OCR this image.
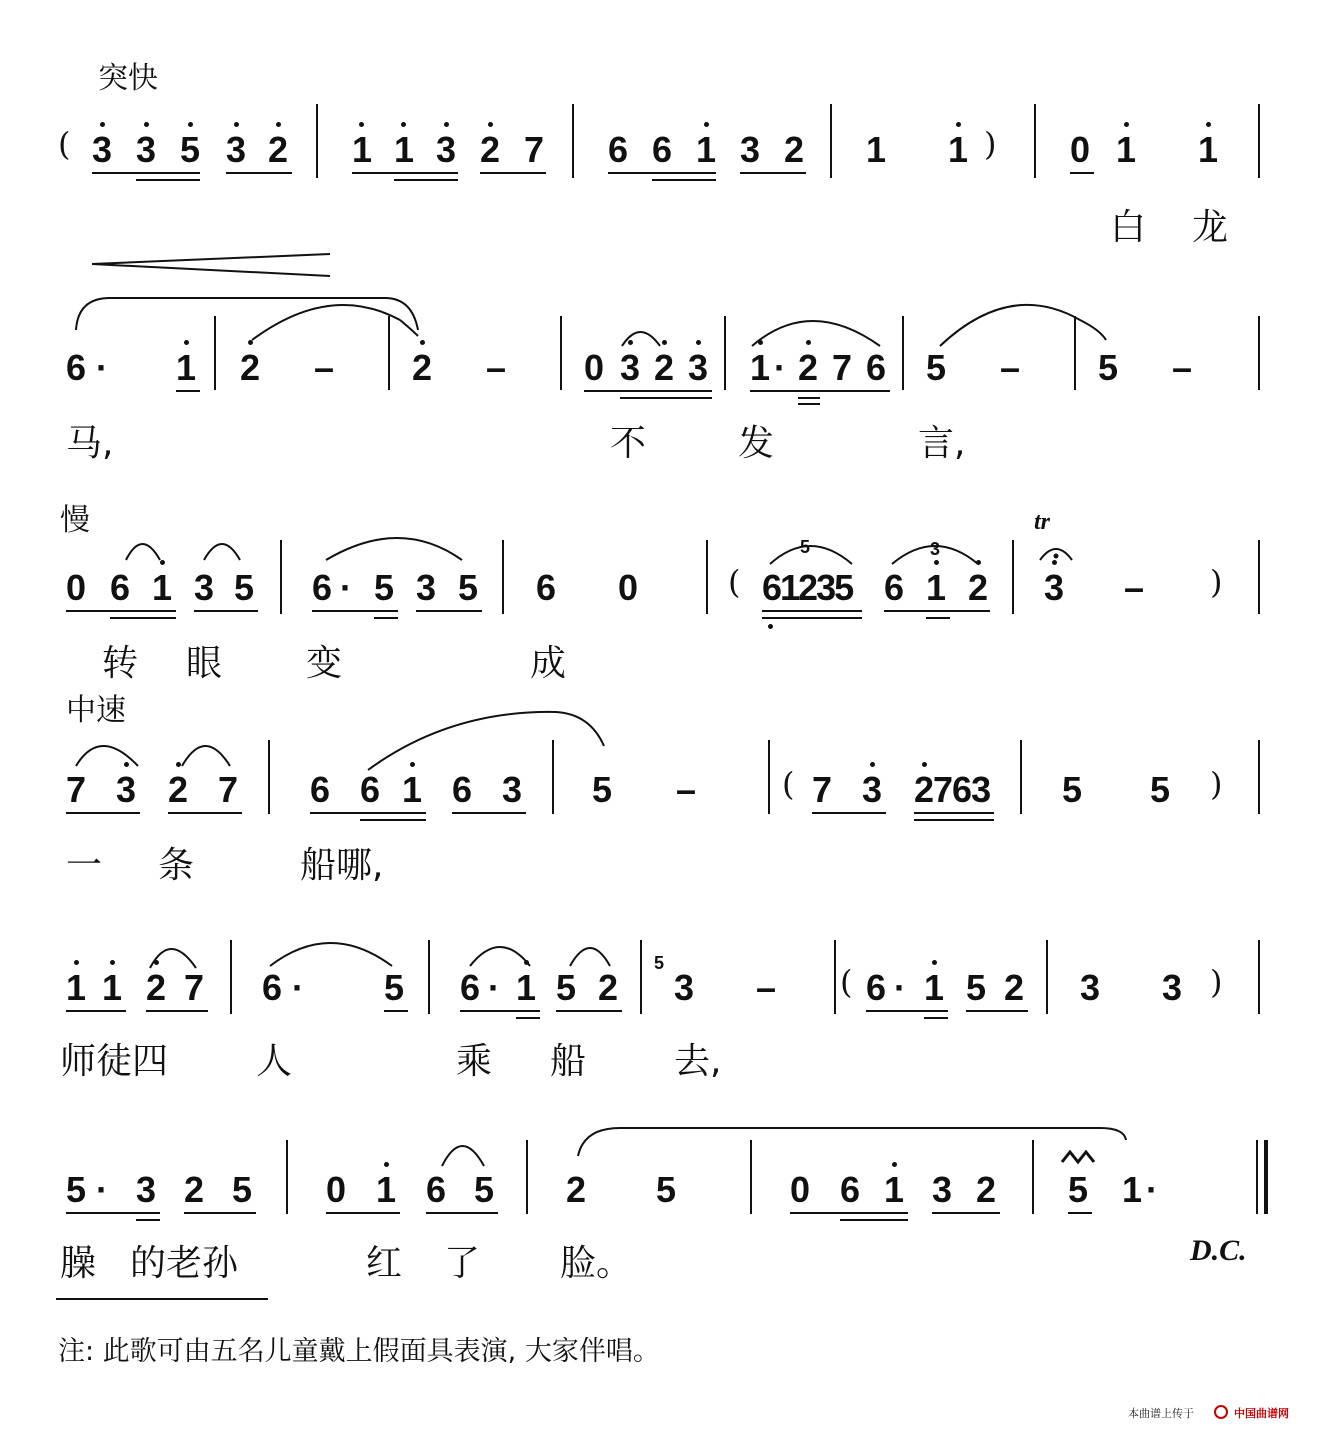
突快
( 3 3 5 3 2 1 1 3 2 7 6 6 1 3 2 1 1 ) 0 1 1
白 龙
6 · 1 2 – 2 – 0 3 2 3 1 · 2 7 6 5 – 5 –
马,	不	发	言,
慢	tr
0 6 1 3 5 6 · 5 3 5 6 0	(
5
61235 6
3
1 2 3 – )
转 眼 变	成
中速
7 3 2 7 6 6 1 6 3 5 –	( 7 3 2763 5 5 )
一 条	船哪,
1 1 2 7 6 · 5 6 · 1 5 2
5
3 – ( 6 · 1 5 2 3 3 )
师徒四 人	乘 船 去,
5 · 3 2 5 0 1 6 5 2 5	0 6 1 3 2 5 1 ·
臊 的老孙	红 了 脸。	D.C.
注: 此歌可由五名儿童戴上假面具表演, 大家伴唱。
本曲谱上传于	中国曲谱网
